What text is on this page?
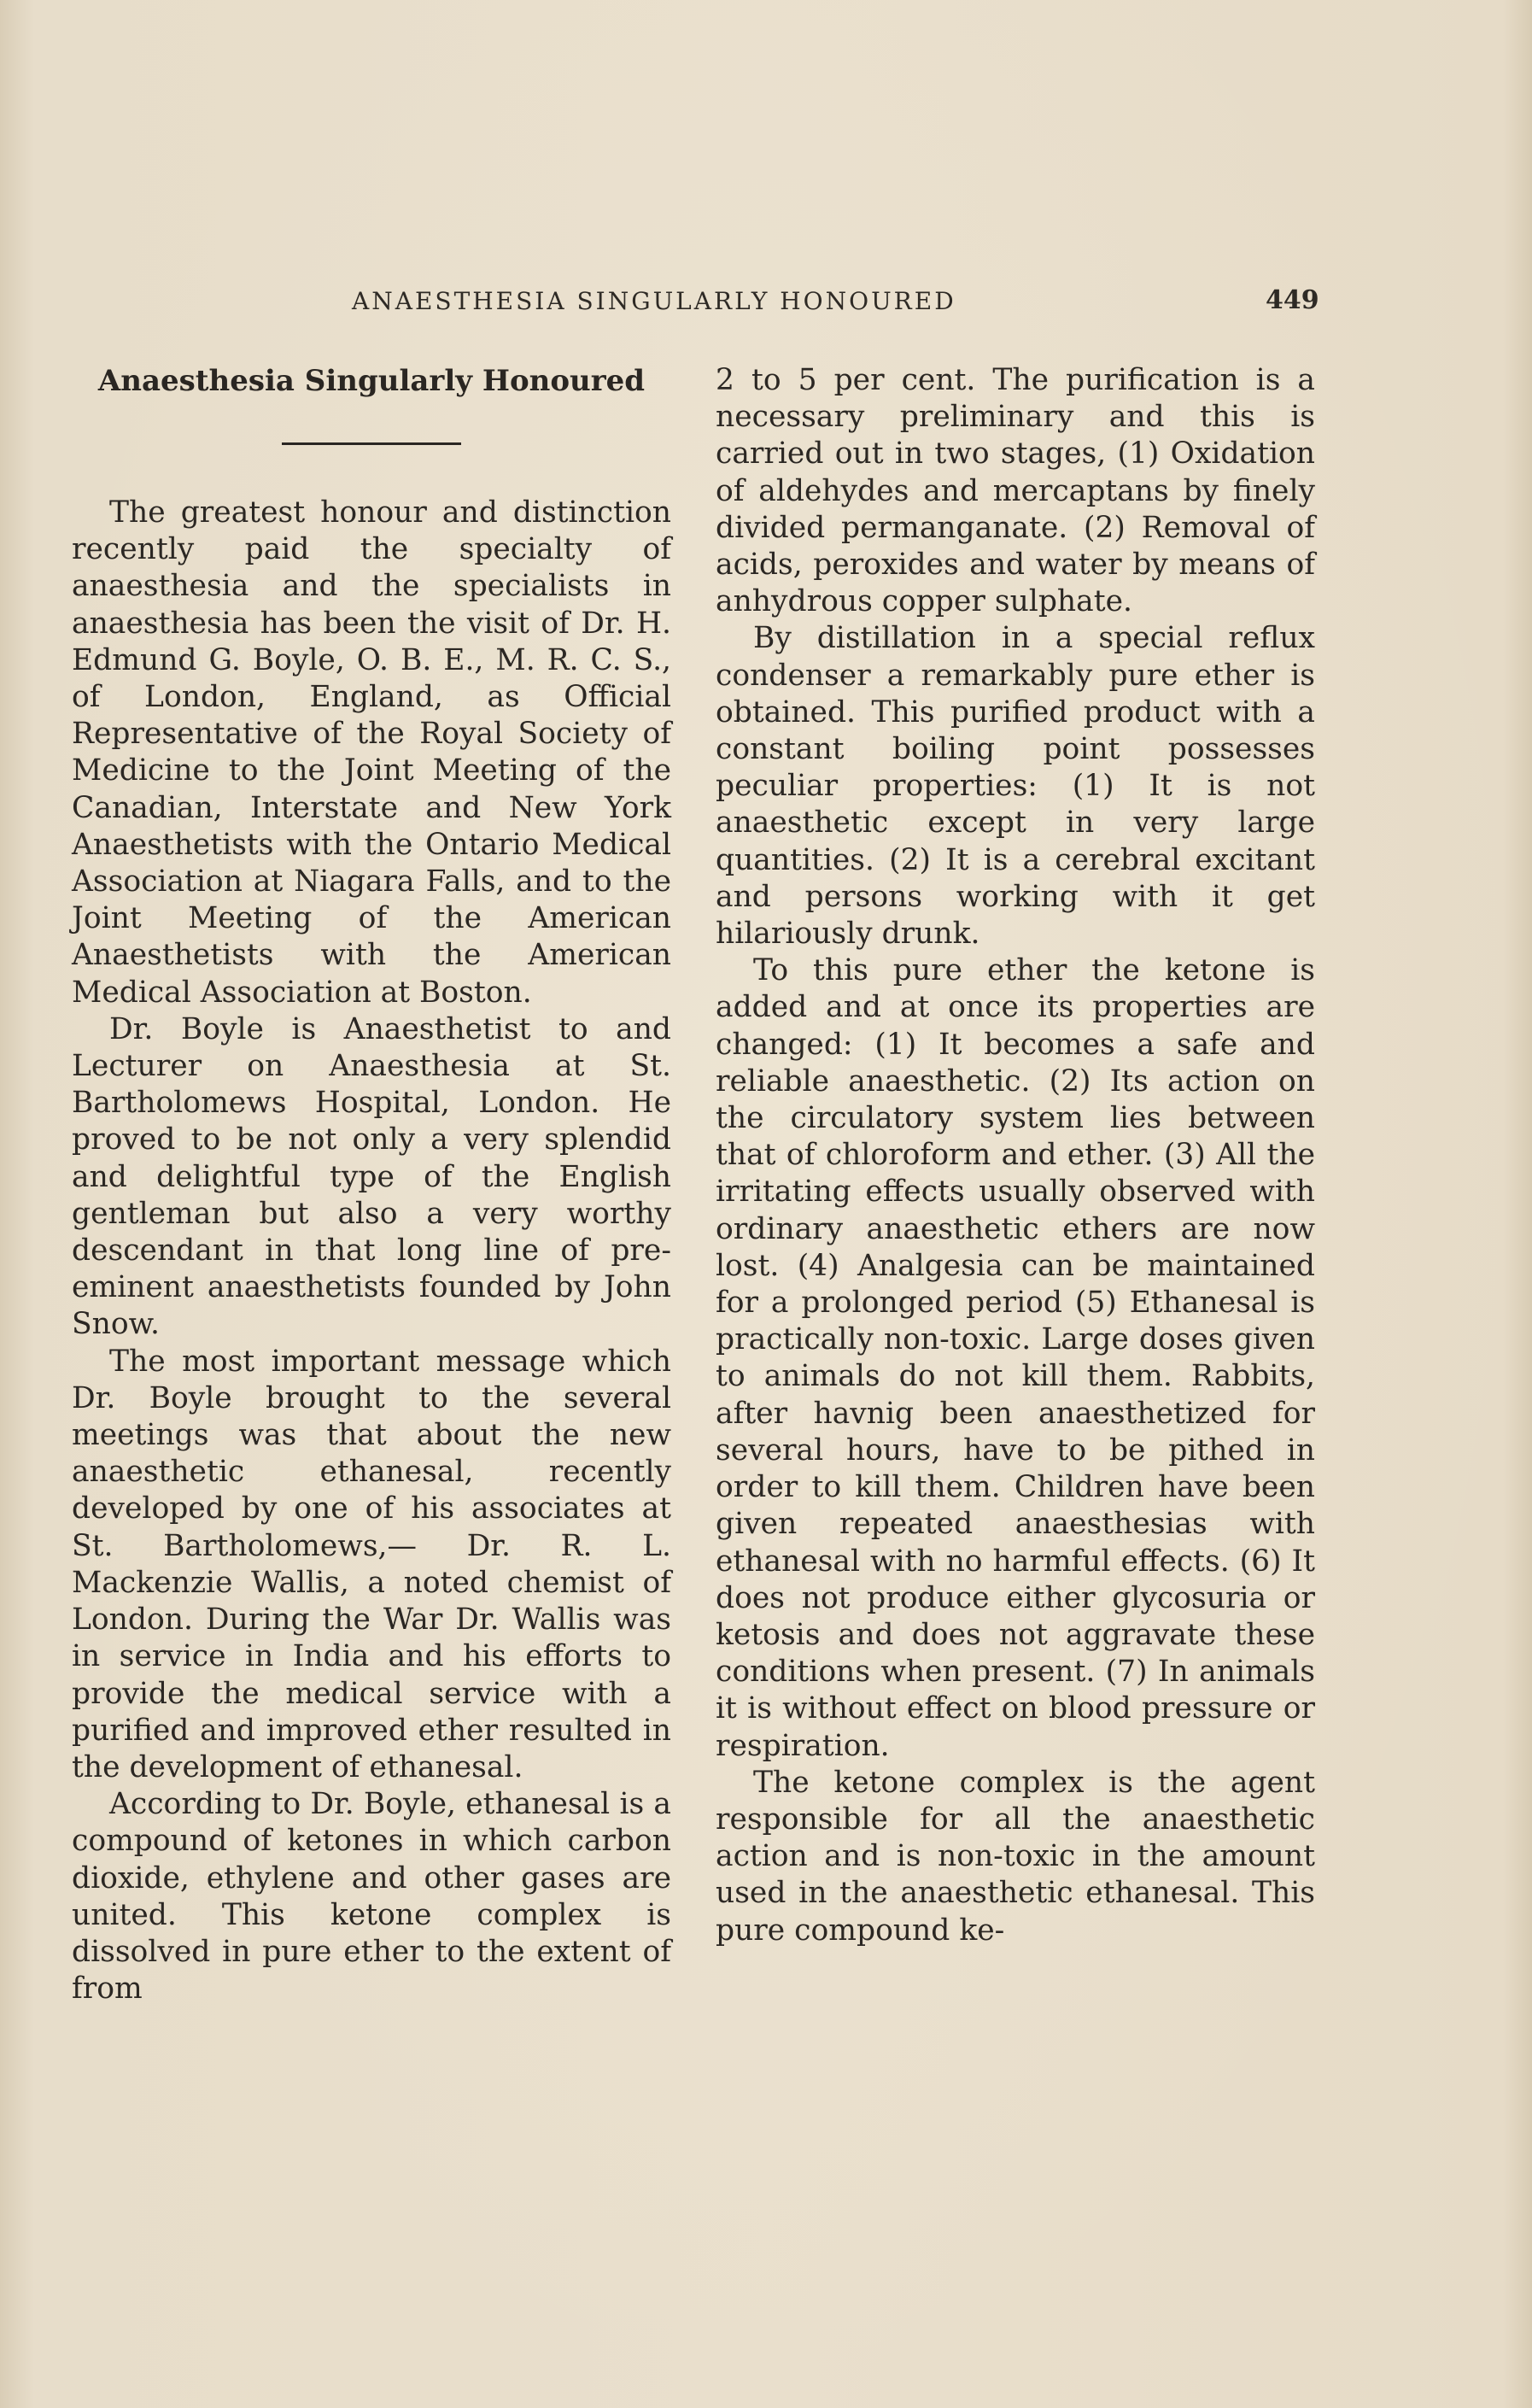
ANAESTHESIA SINGULARLY HONOURED	449
Anaesthesia Singularly Honoured

The greatest honour and distinction recently paid the specialty of anaesthesia and the specialists in anaesthesia has been the visit of Dr. H. Edmund G. Boyle, O. B. E., M. R. C. S., of London, England, as Official Representative of the Royal Society of Medicine to the Joint Meeting of the Canadian, Interstate and New York Anaesthetists with the Ontario Medical Association at Niagara Falls, and to the Joint Meeting of the American Anaesthetists with the American Medical Association at Boston.

Dr. Boyle is Anaesthetist to and Lecturer on Anaesthesia at St. Bartholomews Hospital, London. He proved to be not only a very splendid and delightful type of the English gentleman but also a very worthy descendant in that long line of pre-eminent anaesthetists founded by John Snow.

The most important message which Dr. Boyle brought to the several meetings was that about the new anaesthetic ethanesal, recently developed by one of his associates at St. Bartholomews,— Dr. R. L. Mackenzie Wallis, a noted chemist of London. During the War Dr. Wallis was in service in India and his efforts to provide the medical service with a purified and improved ether resulted in the development of ethanesal.

According to Dr. Boyle, ethanesal is a compound of ketones in which carbon dioxide, ethylene and other gases are united. This ketone complex is dissolved in pure ether to the extent of from

2 to 5 per cent. The purification is a necessary preliminary and this is carried out in two stages, (1) Oxidation of aldehydes and mercaptans by finely divided permanganate. (2) Removal of acids, peroxides and water by means of anhydrous copper sulphate.

By distillation in a special reflux condenser a remarkably pure ether is obtained. This purified product with a constant boiling point possesses peculiar properties: (1) It is not anaesthetic except in very large quantities. (2) It is a cerebral excitant and persons working with it get hilariously drunk.

To this pure ether the ketone is added and at once its properties are changed: (1) It becomes a safe and reliable anaesthetic. (2) Its action on the circulatory system lies between that of chloroform and ether. (3) All the irritating effects usually observed with ordinary anaesthetic ethers are now lost. (4) Analgesia can be maintained for a prolonged period (5) Ethanesal is practically non-toxic. Large doses given to animals do not kill them. Rabbits, after havnig been anaesthetized for several hours, have to be pithed in order to kill them. Children have been given repeated anaesthesias with ethanesal with no harmful effects. (6) It does not produce either glycosuria or ketosis and does not aggravate these conditions when present. (7) In animals it is without effect on blood pressure or respiration.

The ketone complex is the agent responsible for all the anaesthetic action and is non-toxic in the amount used in the anaesthetic ethanesal. This pure compound ke-
